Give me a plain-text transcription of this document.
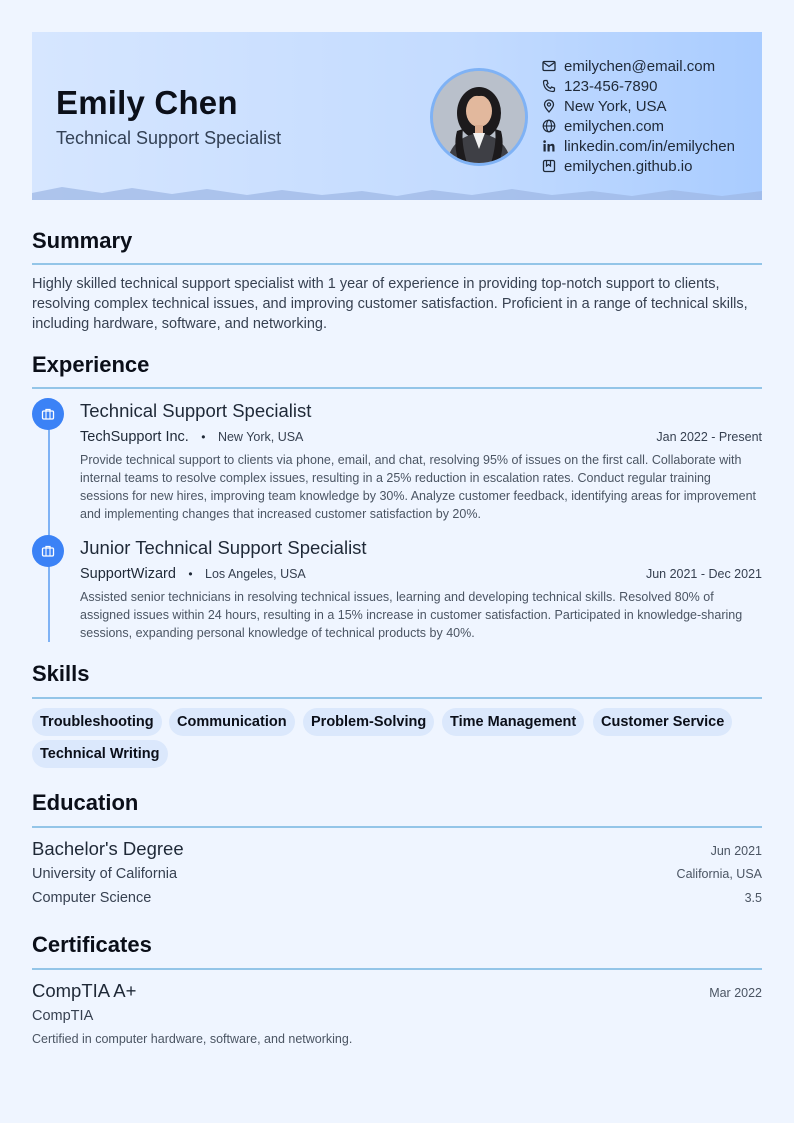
Emily Chen
Technical Support Specialist
emilychen@email.com
123-456-7890
New York, USA
emilychen.com
linkedin.com/in/emilychen
emilychen.github.io
Summary
Highly skilled technical support specialist with 1 year of experience in providing top-notch support to clients, resolving complex technical issues, and improving customer satisfaction. Proficient in a range of technical skills, including hardware, software, and networking.
Experience
Technical Support Specialist
TechSupport Inc. • New York, USA	Jan 2022 - Present
Provide technical support to clients via phone, email, and chat, resolving 95% of issues on the first call. Collaborate with internal teams to resolve complex issues, resulting in a 25% reduction in escalation rates. Conduct regular training sessions for new hires, improving team knowledge by 30%. Analyze customer feedback, identifying areas for improvement and implementing changes that increased customer satisfaction by 20%.
Junior Technical Support Specialist
SupportWizard • Los Angeles, USA	Jun 2021 - Dec 2021
Assisted senior technicians in resolving technical issues, learning and developing technical skills. Resolved 80% of assigned issues within 24 hours, resulting in a 15% increase in customer satisfaction. Participated in knowledge-sharing sessions, expanding personal knowledge of technical products by 40%.
Skills
Troubleshooting	Communication	Problem-Solving	Time Management	Customer Service
Technical Writing
Education
Bachelor's Degree	Jun 2021
University of California	California, USA
Computer Science	3.5
Certificates
CompTIA A+	Mar 2022
CompTIA
Certified in computer hardware, software, and networking.
